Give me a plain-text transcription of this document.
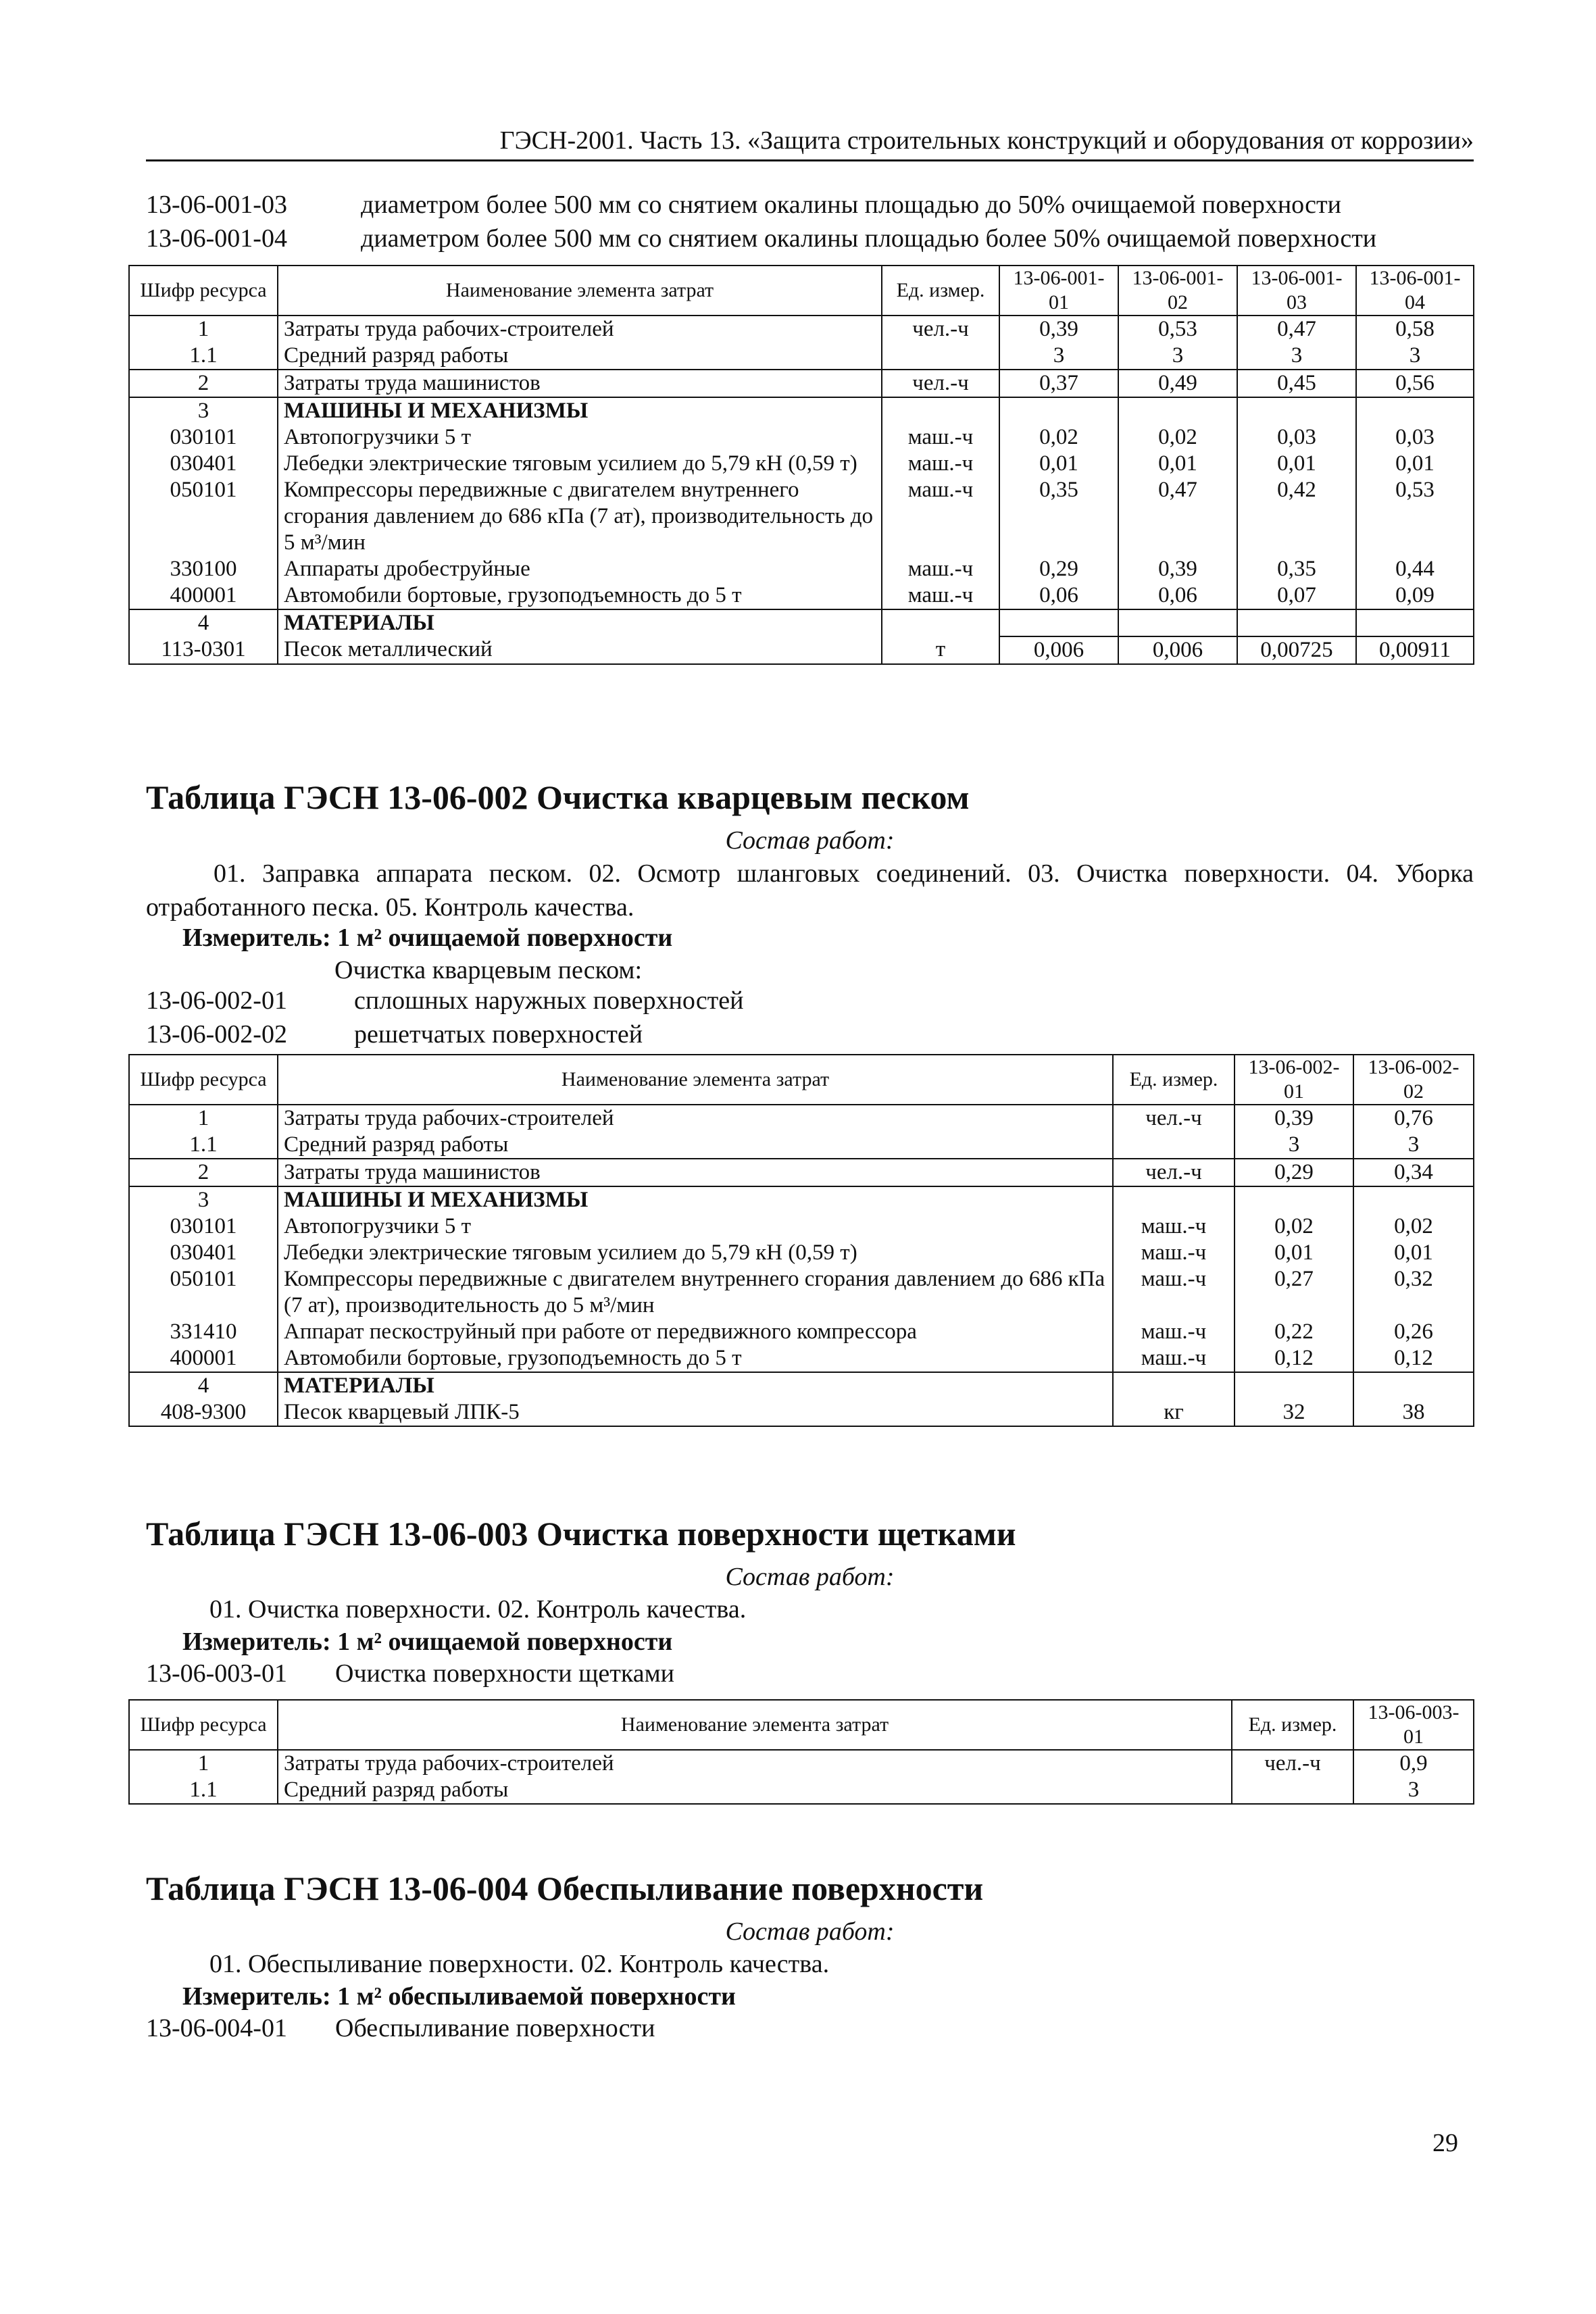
ГЭСН-2001. Часть 13. «Защита строительных конструкций и оборудования от коррозии»
13-06-001-03	диаметром более 500 мм со снятием окалины площадью до 50% очищаемой поверхности
13-06-001-04	диаметром более 500 мм со снятием окалины площадью более 50% очищаемой поверхности
Шифр ресурса	Наименование элемента затрат	Ед. измер.	13-06-001-01	13-06-001-02	13-06-001-03	13-06-001-04
1	Затраты труда рабочих-строителей	чел.-ч	0,39	0,53	0,47	0,58
1.1	Средний разряд работы		3	3	3	3
2	Затраты труда машинистов	чел.-ч	0,37	0,49	0,45	0,56
3	МАШИНЫ И МЕХАНИЗМЫ					
030101	Автопогрузчики 5 т	маш.-ч	0,02	0,02	0,03	0,03
030401	Лебедки электрические тяговым усилием до 5,79 кН (0,59 т)	маш.-ч	0,01	0,01	0,01	0,01
050101	Компрессоры передвижные с двигателем внутреннего сгорания давлением до 686 кПа (7 ат), производительность до 5 м³/мин	маш.-ч	0,35	0,47	0,42	0,53
330100	Аппараты дробеструйные	маш.-ч	0,29	0,39	0,35	0,44
400001	Автомобили бортовые, грузоподъемность до 5 т	маш.-ч	0,06	0,06	0,07	0,09
4	МАТЕРИАЛЫ					
113-0301	Песок металлический	т	0,006	0,006	0,00725	0,00911
Таблица ГЭСН 13-06-002 Очистка кварцевым песком
Состав работ:
01. Заправка аппарата песком. 02. Осмотр шланговых соединений. 03. Очистка поверхности. 04. Уборка отработанного песка. 05. Контроль качества.
Измеритель: 1 м² очищаемой поверхности
Очистка кварцевым песком:
13-06-002-01	сплошных наружных поверхностей
13-06-002-02	решетчатых поверхностей
Шифр ресурса	Наименование элемента затрат	Ед. измер.	13-06-002-01	13-06-002-02
1	Затраты труда рабочих-строителей	чел.-ч	0,39	0,76
1.1	Средний разряд работы		3	3
2	Затраты труда машинистов	чел.-ч	0,29	0,34
3	МАШИНЫ И МЕХАНИЗМЫ			
030101	Автопогрузчики 5 т	маш.-ч	0,02	0,02
030401	Лебедки электрические тяговым усилием до 5,79 кН (0,59 т)	маш.-ч	0,01	0,01
050101	Компрессоры передвижные с двигателем внутреннего сгорания давлением до 686 кПа (7 ат), производительность до 5 м³/мин	маш.-ч	0,27	0,32
331410	Аппарат пескоструйный при работе от передвижного компрессора	маш.-ч	0,22	0,26
400001	Автомобили бортовые, грузоподъемность до 5 т	маш.-ч	0,12	0,12
4	МАТЕРИАЛЫ			
408-9300	Песок кварцевый ЛПК-5	кг	32	38
Таблица ГЭСН 13-06-003 Очистка поверхности щетками
Состав работ:
01. Очистка поверхности. 02. Контроль качества.
Измеритель: 1 м² очищаемой поверхности
13-06-003-01	Очистка поверхности щетками
Шифр ресурса	Наименование элемента затрат	Ед. измер.	13-06-003-01
1	Затраты труда рабочих-строителей	чел.-ч	0,9
1.1	Средний разряд работы		3
Таблица ГЭСН 13-06-004 Обеспыливание поверхности
Состав работ:
01. Обеспыливание поверхности. 02. Контроль качества.
Измеритель: 1 м² обеспыливаемой поверхности
13-06-004-01	Обеспыливание поверхности
29
